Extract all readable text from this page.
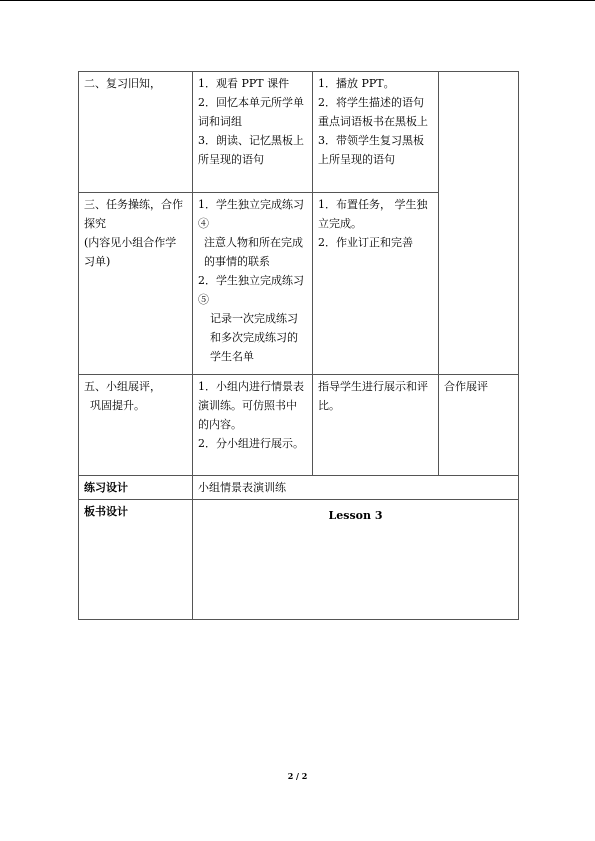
二、复习旧知，	1．观看 PPT 课件
2．回忆本单元所学单词和词组
3．朗读、记忆黑板上所呈现的语句	1．播放 PPT。
2．将学生描述的语句重点词语板书在黑板上
3．带领学生复习黑板上所呈现的语句	

三、任务操练，合作探究
(内容见小组合作学习单)	1．学生独立完成练习 ④
注意人物和所在完成的事情的联系
2．学生独立完成练习⑤
记录一次完成练习和多次完成练习的学生名单	1．布置任务， 学生独立完成。
2．作业订正和完善	

五、小组展评，
巩固提升。	1．小组内进行情景表演训练。可仿照书中的内容。
2．分小组进行展示。	指导学生进行展示和评比。	合作展评

练习设计	小组情景表演训练		
板书设计	Lesson 3		
2 / 2
